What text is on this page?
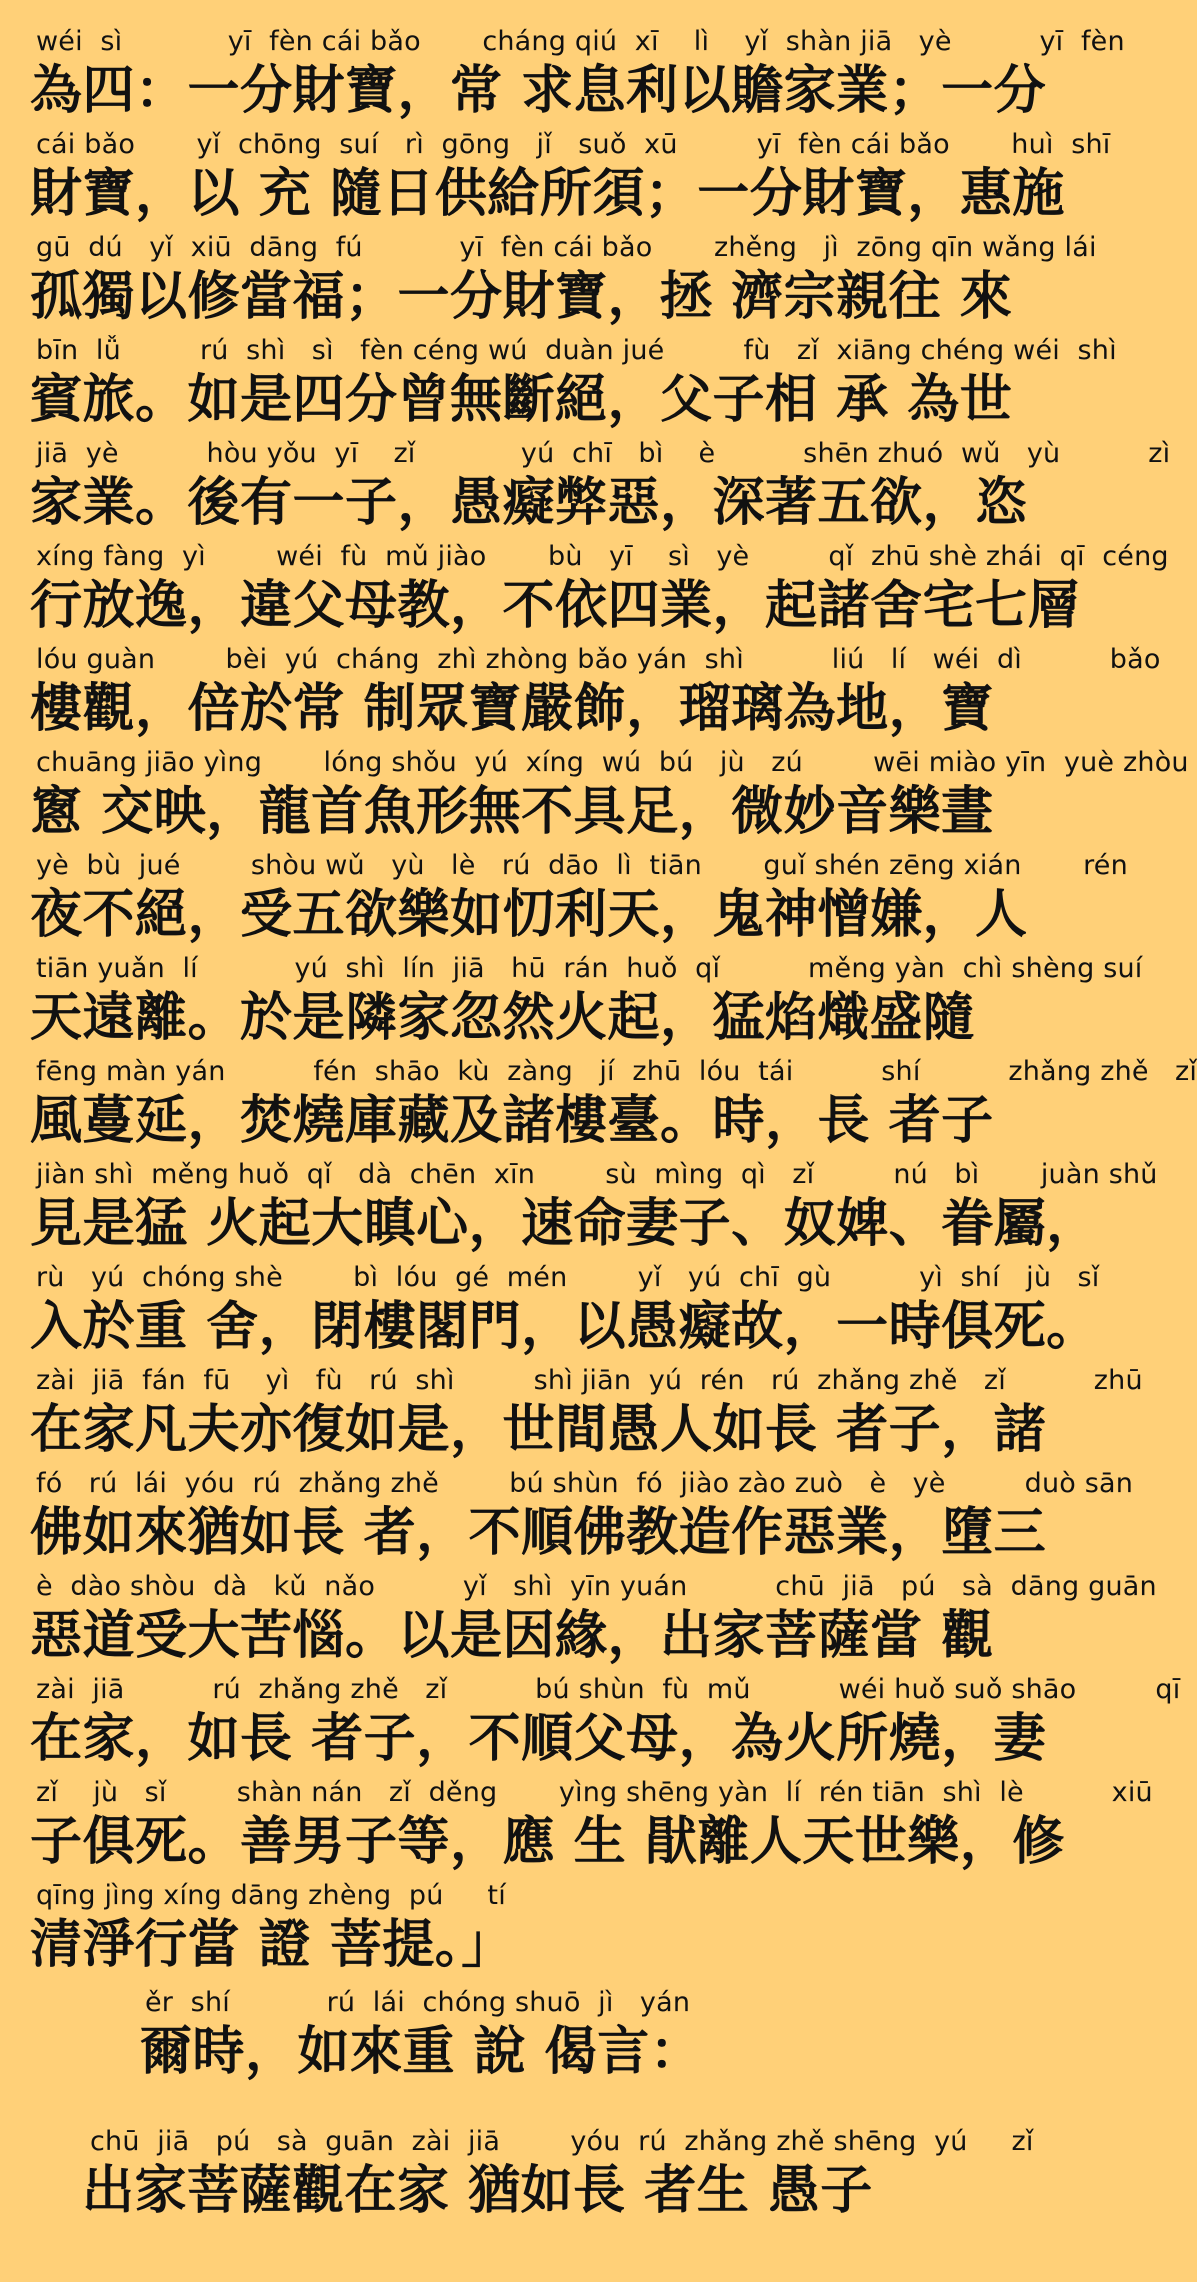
wéi  sì            yī  fèn cái bǎo       cháng qiú  xī    lì    yǐ  shàn jiā   yè          yī  fèn
為四：一分財寶，常 求息利以贍家業；一分
cái bǎo       yǐ  chōng  suí   rì  gōng   jǐ   suǒ  xū         yī  fèn cái bǎo       huì  shī
財寶，以 充 隨日供給所須；一分財寶，惠施
gū  dú   yǐ  xiū  dāng  fú           yī  fèn cái bǎo       zhěng   jì  zōng qīn wǎng lái
孤獨以修當福；一分財寶，拯 濟宗親往 來
bīn  lǚ         rú  shì   sì   fèn céng wú  duàn jué         fù   zǐ  xiāng chéng wéi  shì
賓旅。如是四分曾無斷絕，父子相 承 為世
jiā  yè          hòu yǒu  yī    zǐ            yú  chī   bì    è          shēn zhuó  wǔ   yù          zì
家業。後有一子，愚癡弊惡，深著五欲，恣
xíng fàng  yì        wéi  fù  mǔ jiào       bù   yī    sì   yè         qǐ  zhū shè zhái  qī  céng
行放逸，違父母教，不依四業，起諸舍宅七層
lóu guàn        bèi  yú  cháng  zhì zhòng bǎo yán  shì          liú   lí   wéi  dì          bǎo
樓觀，倍於常 制眾寶嚴飾，瑠璃為地，寶
chuāng jiāo yìng       lóng shǒu  yú  xíng  wú  bú   jù   zú        wēi miào yīn  yuè zhòu
窻 交映，龍首魚形無不具足，微妙音樂晝
yè  bù  jué        shòu wǔ   yù   lè   rú  dāo  lì  tiān       guǐ shén zēng xián       rén
夜不絕，受五欲樂如忉利天，鬼神憎嫌，人
tiān yuǎn  lí           yú  shì  lín  jiā   hū  rán  huǒ  qǐ          měng yàn  chì shèng suí
天遠離。於是隣家忽然火起，猛焰熾盛隨
fēng màn yán          fén  shāo  kù  zàng   jí  zhū  lóu  tái          shí          zhǎng zhě   zǐ
風蔓延，焚燒庫藏及諸樓臺。時，長 者子
jiàn shì  měng huǒ  qǐ   dà  chēn  xīn        sù  mìng  qì   zǐ         nú   bì       juàn shǔ
見是猛 火起大瞋心，速命妻子、奴婢、眷屬，
rù   yú  chóng shè        bì  lóu  gé  mén        yǐ   yú  chī  gù          yì  shí   jù   sǐ
入於重 舍，閉樓閣門，以愚癡故，一時俱死。
zài  jiā  fán  fū    yì   fù   rú  shì         shì jiān  yú  rén   rú  zhǎng zhě   zǐ          zhū
在家凡夫亦復如是，世間愚人如長 者子，諸
fó   rú  lái  yóu  rú  zhǎng zhě        bú shùn  fó  jiào zào zuò   è   yè         duò sān
佛如來猶如長 者，不順佛教造作惡業，墮三
è  dào shòu  dà   kǔ  nǎo          yǐ   shì  yīn yuán          chū  jiā   pú   sà  dāng guān
惡道受大苦惱。以是因緣，出家菩薩當 觀
zài  jiā          rú  zhǎng zhě   zǐ          bú shùn  fù  mǔ          wéi huǒ suǒ shāo         qī
在家，如長 者子，不順父母，為火所燒，妻
zǐ    jù   sǐ        shàn nán   zǐ  děng       yìng shēng yàn  lí  rén tiān  shì  lè          xiū
子俱死。善男子等，應 生 猒離人天世樂，修
qīng jìng xíng dāng zhèng  pú     tí
清淨行當 證 菩提。」
ěr  shí           rú  lái  chóng shuō  jì   yán
爾時，如來重 說 偈言：
chū  jiā   pú   sà  guān  zài  jiā        yóu  rú  zhǎng zhě shēng  yú     zǐ
出家菩薩觀在家 猶如長 者生 愚子
